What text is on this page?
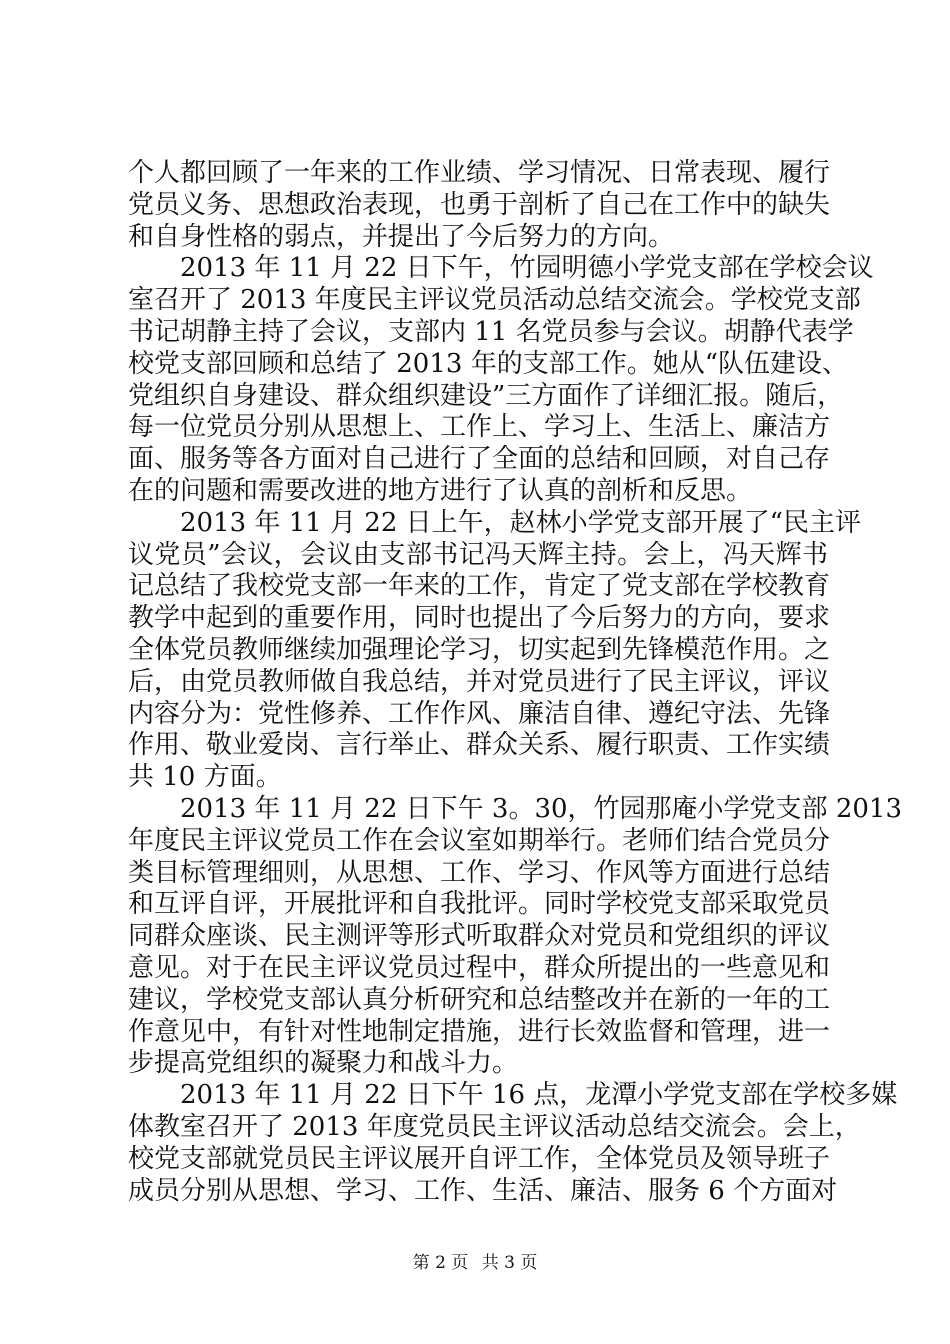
个人都回顾了一年来的工作业绩、学习情况、日常表现、履行
党员义务、思想政治表现，也勇于剖析了自己在工作中的缺失
和自身性格的弱点，并提出了今后努力的方向。
2013 年 11 月 22 日下午，竹园明德小学党支部在学校会议
室召开了 2013 年度民主评议党员活动总结交流会。学校党支部
书记胡静主持了会议，支部内 11 名党员参与会议。胡静代表学
校党支部回顾和总结了 2013 年的支部工作。她从“队伍建设、
党组织自身建设、群众组织建设”三方面作了详细汇报。随后，
每一位党员分别从思想上、工作上、学习上、生活上、廉洁方
面、服务等各方面对自己进行了全面的总结和回顾，对自己存
在的问题和需要改进的地方进行了认真的剖析和反思。
2013 年 11 月 22 日上午，赵林小学党支部开展了“民主评
议党员”会议，会议由支部书记冯天辉主持。会上，冯天辉书
记总结了我校党支部一年来的工作，肯定了党支部在学校教育
教学中起到的重要作用，同时也提出了今后努力的方向，要求
全体党员教师继续加强理论学习，切实起到先锋模范作用。之
后，由党员教师做自我总结，并对党员进行了民主评议，评议
内容分为：党性修养、工作作风、廉洁自律、遵纪守法、先锋
作用、敬业爱岗、言行举止、群众关系、履行职责、工作实绩
共 10 方面。
2013 年 11 月 22 日下午 3。30，竹园那庵小学党支部 2013
年度民主评议党员工作在会议室如期举行。老师们结合党员分
类目标管理细则，从思想、工作、学习、作风等方面进行总结
和互评自评，开展批评和自我批评。同时学校党支部采取党员
同群众座谈、民主测评等形式听取群众对党员和党组织的评议
意见。对于在民主评议党员过程中，群众所提出的一些意见和
建议，学校党支部认真分析研究和总结整改并在新的一年的工
作意见中，有针对性地制定措施，进行长效监督和管理，进一
步提高党组织的凝聚力和战斗力。
2013 年 11 月 22 日下午 16 点，龙潭小学党支部在学校多媒
体教室召开了 2013 年度党员民主评议活动总结交流会。会上，
校党支部就党员民主评议展开自评工作，全体党员及领导班子
成员分别从思想、学习、工作、生活、廉洁、服务 6 个方面对
第 2 页 共 3 页
